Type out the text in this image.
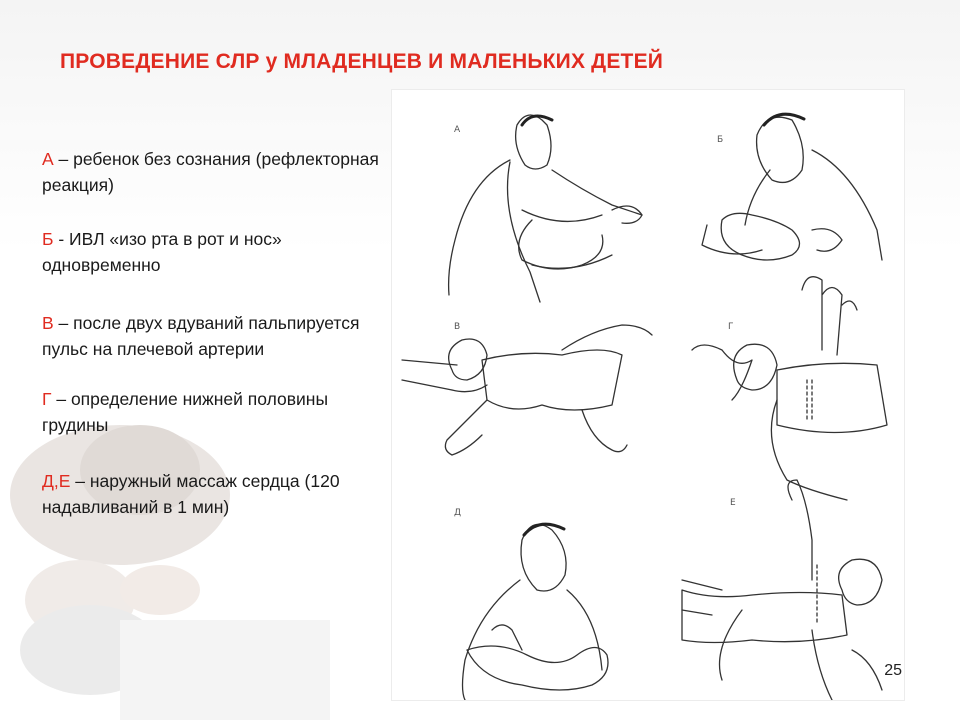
ПРОВЕДЕНИЕ СЛР у МЛАДЕНЦЕВ И МАЛЕНЬКИХ ДЕТЕЙ
А – ребенок без сознания (рефлекторная реакция)
Б - ИВЛ «изо рта в рот и нос» одновременно
В – после двух вдуваний пальпируется пульс на плечевой артерии
Г – определение нижней половины грудины
Д,Е – наружный массаж сердца (120 надавливаний в 1 мин)
А
Б
В	Г
Д
Е
25
